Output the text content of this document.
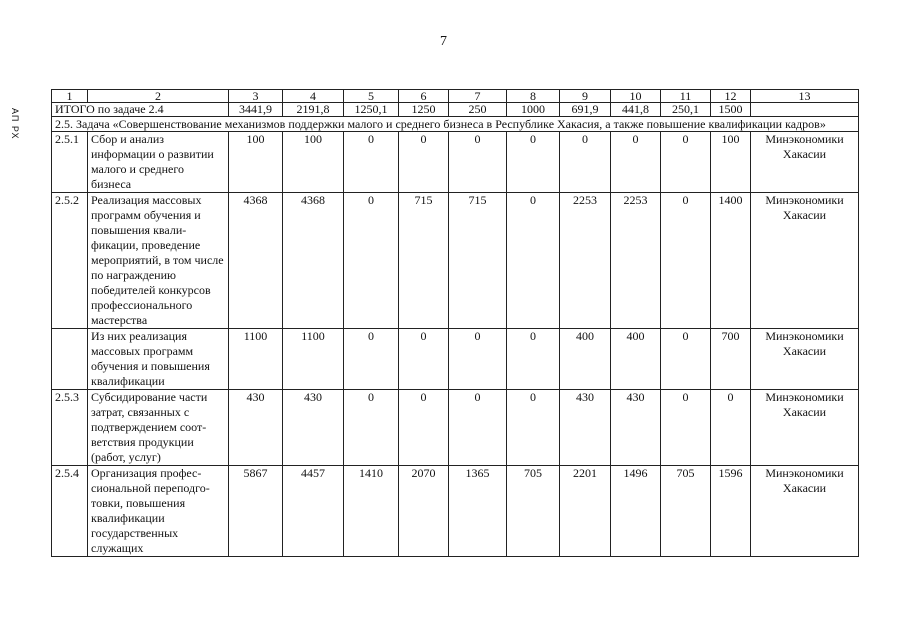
7
АП РХ
1	2	3	4	5	6	7	8	9	10	11	12	13
ИТОГО по задаче 2.4		3441,9	2191,8	1250,1	1250	250	1000	691,9	441,8	250,1	1500	
2.5. Задача «Совершенствование механизмов поддержки малого и среднего бизнеса в Республике Хакасия, а также повышение квалификации кадров»												
2.5.1	Сбор и анализ информации о развитии малого и среднего бизнеса	100	100	0	0	0	0	0	0	0	100	Минэкономики Хакасии
2.5.2	Реализация массовых программ обучения и повышения квалификации, проведение мероприятий, в том числе по награждению победителей конкурсов профессионального мастерства	4368	4368	0	715	715	0	2253	2253	0	1400	Минэкономики Хакасии
	Из них реализация массовых программ обучения и повышения квалификации	1100	1100	0	0	0	0	400	400	0	700	Минэкономики Хакасии
2.5.3	Субсидирование части затрат, связанных с подтверждением соответствия продукции (работ, услуг)	430	430	0	0	0	0	430	430	0	0	Минэкономики Хакасии
2.5.4	Организация профессиональной переподготовки, повышения квалификации государственных служащих	5867	4457	1410	2070	1365	705	2201	1496	705	1596	Минэкономики Хакасии
